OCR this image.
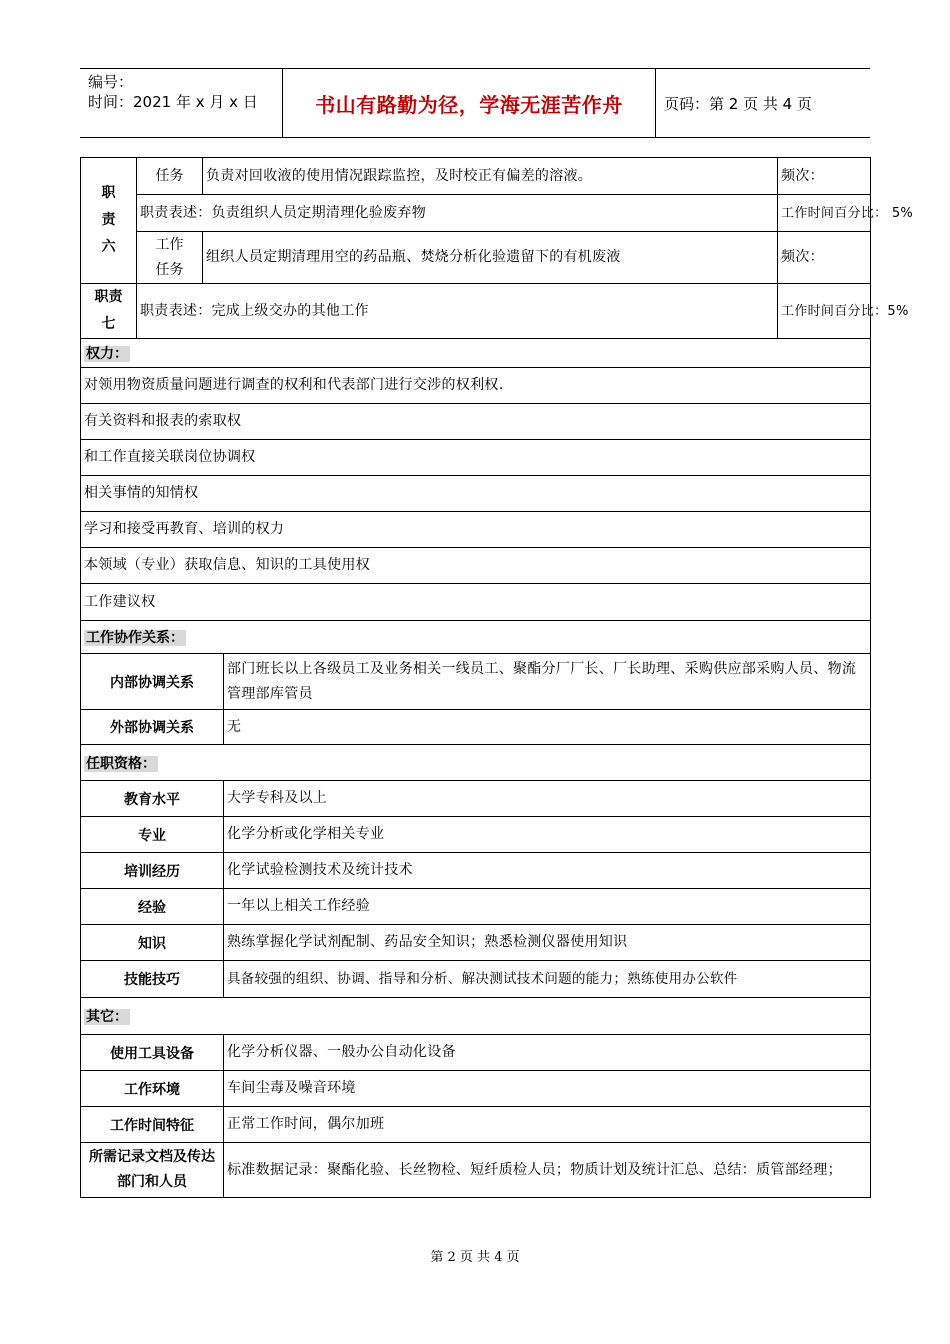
编号：
时间：2021 年 x 月 x 日	书山有路勤为径，学海无涯苦作舟	页码：第 2 页 共 4 页
职责六	任务	负责对回收液的使用情况跟踪监控，及时校正有偏差的溶液。		频次：
	职责表述：负责组织人员定期清理化验废弃物			工作时间百分比： 5%

	工作任务	组织人员定期清理用空的药品瓶、焚烧分析化验遗留下的有机废液		频次：

职责七	职责表述：完成上级交办的其他工作			工作时间百分比：5%
权力：				
对领用物资质量问题进行调查的权利和代表部门进行交涉的权利权.				
有关资料和报表的索取权				
和工作直接关联岗位协调权				
相关事情的知情权				
学习和接受再教育、培训的权力				
本领域（专业）获取信息、知识的工具使用权				
工作建议权				
工作协作关系：				
内部协调关系			部门班长以上各级员工及业务相关一线员工、聚酯分厂厂长、厂长助理、采购供应部采购人员、物流管理部库管员	
外部协调关系			无	
任职资格：				
教育水平			大学专科及以上	
专业			化学分析或化学相关专业	
培训经历			化学试验检测技术及统计技术	
经验			一年以上相关工作经验	
知识			熟练掌握化学试剂配制、药品安全知识；熟悉检测仪器使用知识	
技能技巧			具备较强的组织、协调、指导和分析、解决测试技术问题的能力；熟练使用办公软件	
其它：				
使用工具设备			化学分析仪器、一般办公自动化设备	
工作环境			车间尘毒及噪音环境	
工作时间特征			正常工作时间，偶尔加班	
所需记录文档及传达部门和人员			标准数据记录：聚酯化验、长丝物检、短纤质检人员；物质计划及统计汇总、总结：质管部经理；	
第 2 页 共 4 页
